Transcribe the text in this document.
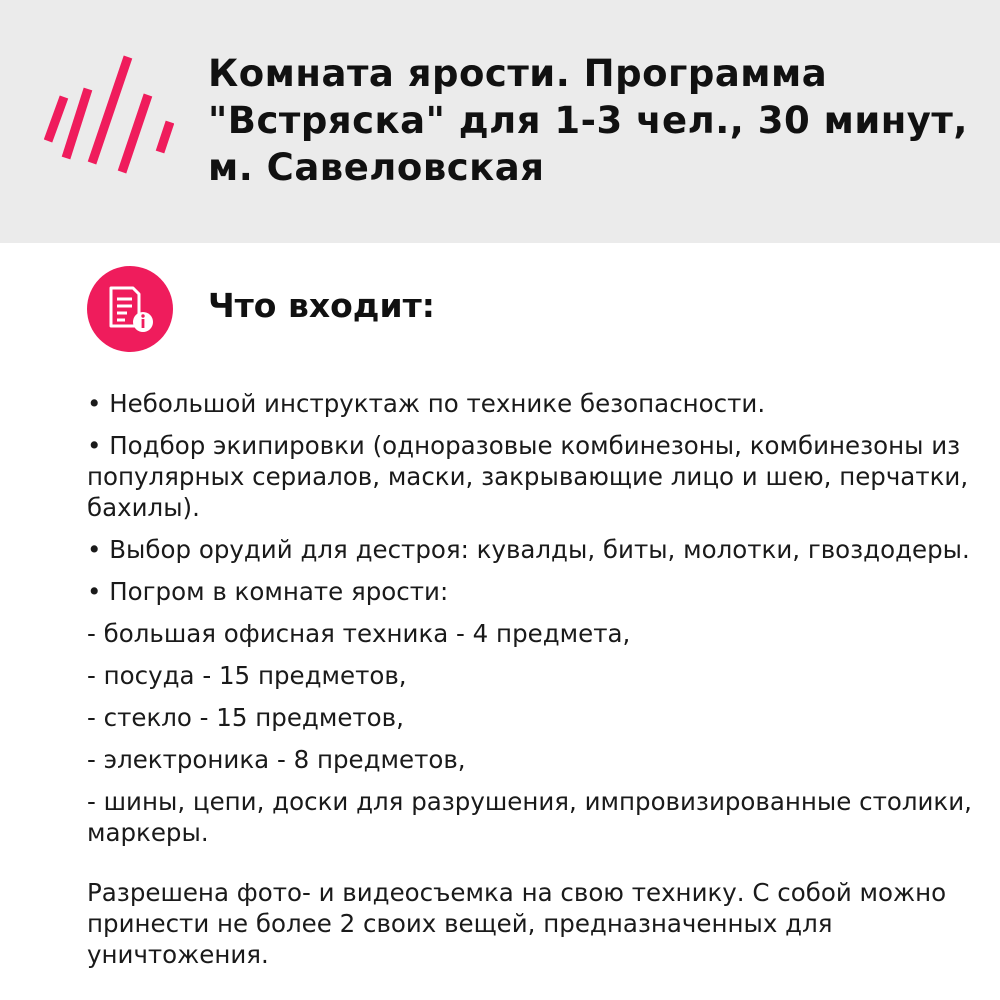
Комната ярости. Программа "Встряска" для 1-3 чел., 30 минут, м. Савеловская
Что входит:

• Небольшой инструктаж по технике безопасности.

• Подбор экипировки (одноразовые комбинезоны, комбинезоны из популярных сериалов, маски, закрывающие лицо и шею, перчатки, бахилы).

• Выбор орудий для дестроя: кувалды, биты, молотки, гвоздодеры.

• Погром в комнате ярости:

- большая офисная техника - 4 предмета,

- посуда - 15 предметов,

- стекло - 15 предметов,

- электроника - 8 предметов,

- шины, цепи, доски для разрушения, импровизированные столики, маркеры.

Разрешена фото- и видеосъемка на свою технику. С собой можно принести не более 2 своих вещей, предназначенных для уничтожения.
